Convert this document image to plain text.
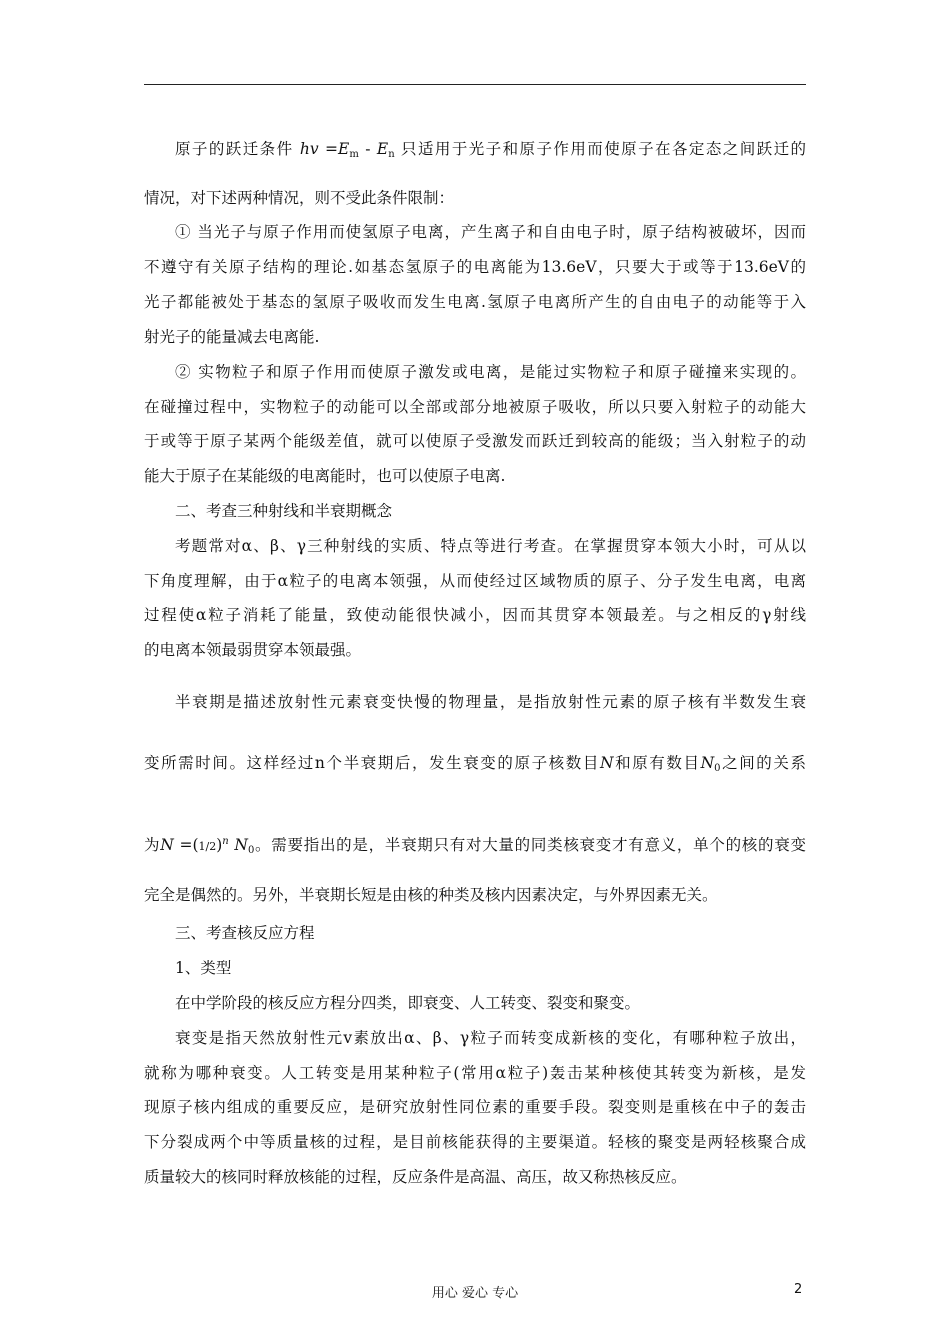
原子的跃迁条件 hv $=E_m - E_n$ 只适用于光子和原子作用而使原子在各定态之间跃迁的
情况，对下述两种情况，则不受此条件限制：
① 当光子与原子作用而使氢原子电离，产生离子和自由电子时，原子结构被破坏，因而
不遵守有关原子结构的理论.如基态氢原子的电离能为13.6eV，只要大于或等于13.6eV的
光子都能被处于基态的氢原子吸收而发生电离.氢原子电离所产生的自由电子的动能等于入
射光子的能量减去电离能.
② 实物粒子和原子作用而使原子激发或电离，是能过实物粒子和原子碰撞来实现的。
在碰撞过程中，实物粒子的动能可以全部或部分地被原子吸收，所以只要入射粒子的动能大
于或等于原子某两个能级差值，就可以使原子受激发而跃迁到较高的能级；当入射粒子的动
能大于原子在某能级的电离能时，也可以使原子电离.
二、考查三种射线和半衰期概念
考题常对α、β、γ三种射线的实质、特点等进行考查。在掌握贯穿本领大小时，可从以
下角度理解，由于α粒子的电离本领强，从而使经过区域物质的原子、分子发生电离，电离
过程使α粒子消耗了能量，致使动能很快减小，因而其贯穿本领最差。与之相反的γ射线
的电离本领最弱贯穿本领最强。
半衰期是描述放射性元素衰变快慢的物理量，是指放射性元素的原子核有半数发生衰
变所需时间。这样经过n个半衰期后，发生衰变的原子核数目N和原有数目$N_0$之间的关系
为$N =(1/2)^n$ $N_0$。需要指出的是，半衰期只有对大量的同类核衰变才有意义，单个的核的衰变
完全是偶然的。另外，半衰期长短是由核的种类及核内因素决定，与外界因素无关。
三、考查核反应方程
1、类型
在中学阶段的核反应方程分四类，即衰变、人工转变、裂变和聚变。
衰变是指天然放射性元v素放出α、β、γ粒子而转变成新核的变化，有哪种粒子放出，
就称为哪种衰变。人工转变是用某种粒子(常用α粒子)轰击某种核使其转变为新核，是发
现原子核内组成的重要反应，是研究放射性同位素的重要手段。裂变则是重核在中子的轰击
下分裂成两个中等质量核的过程，是目前核能获得的主要渠道。轻核的聚变是两轻核聚合成
质量较大的核同时释放核能的过程，反应条件是高温、高压，故又称热核反应。
用心 爱心 专心	2
